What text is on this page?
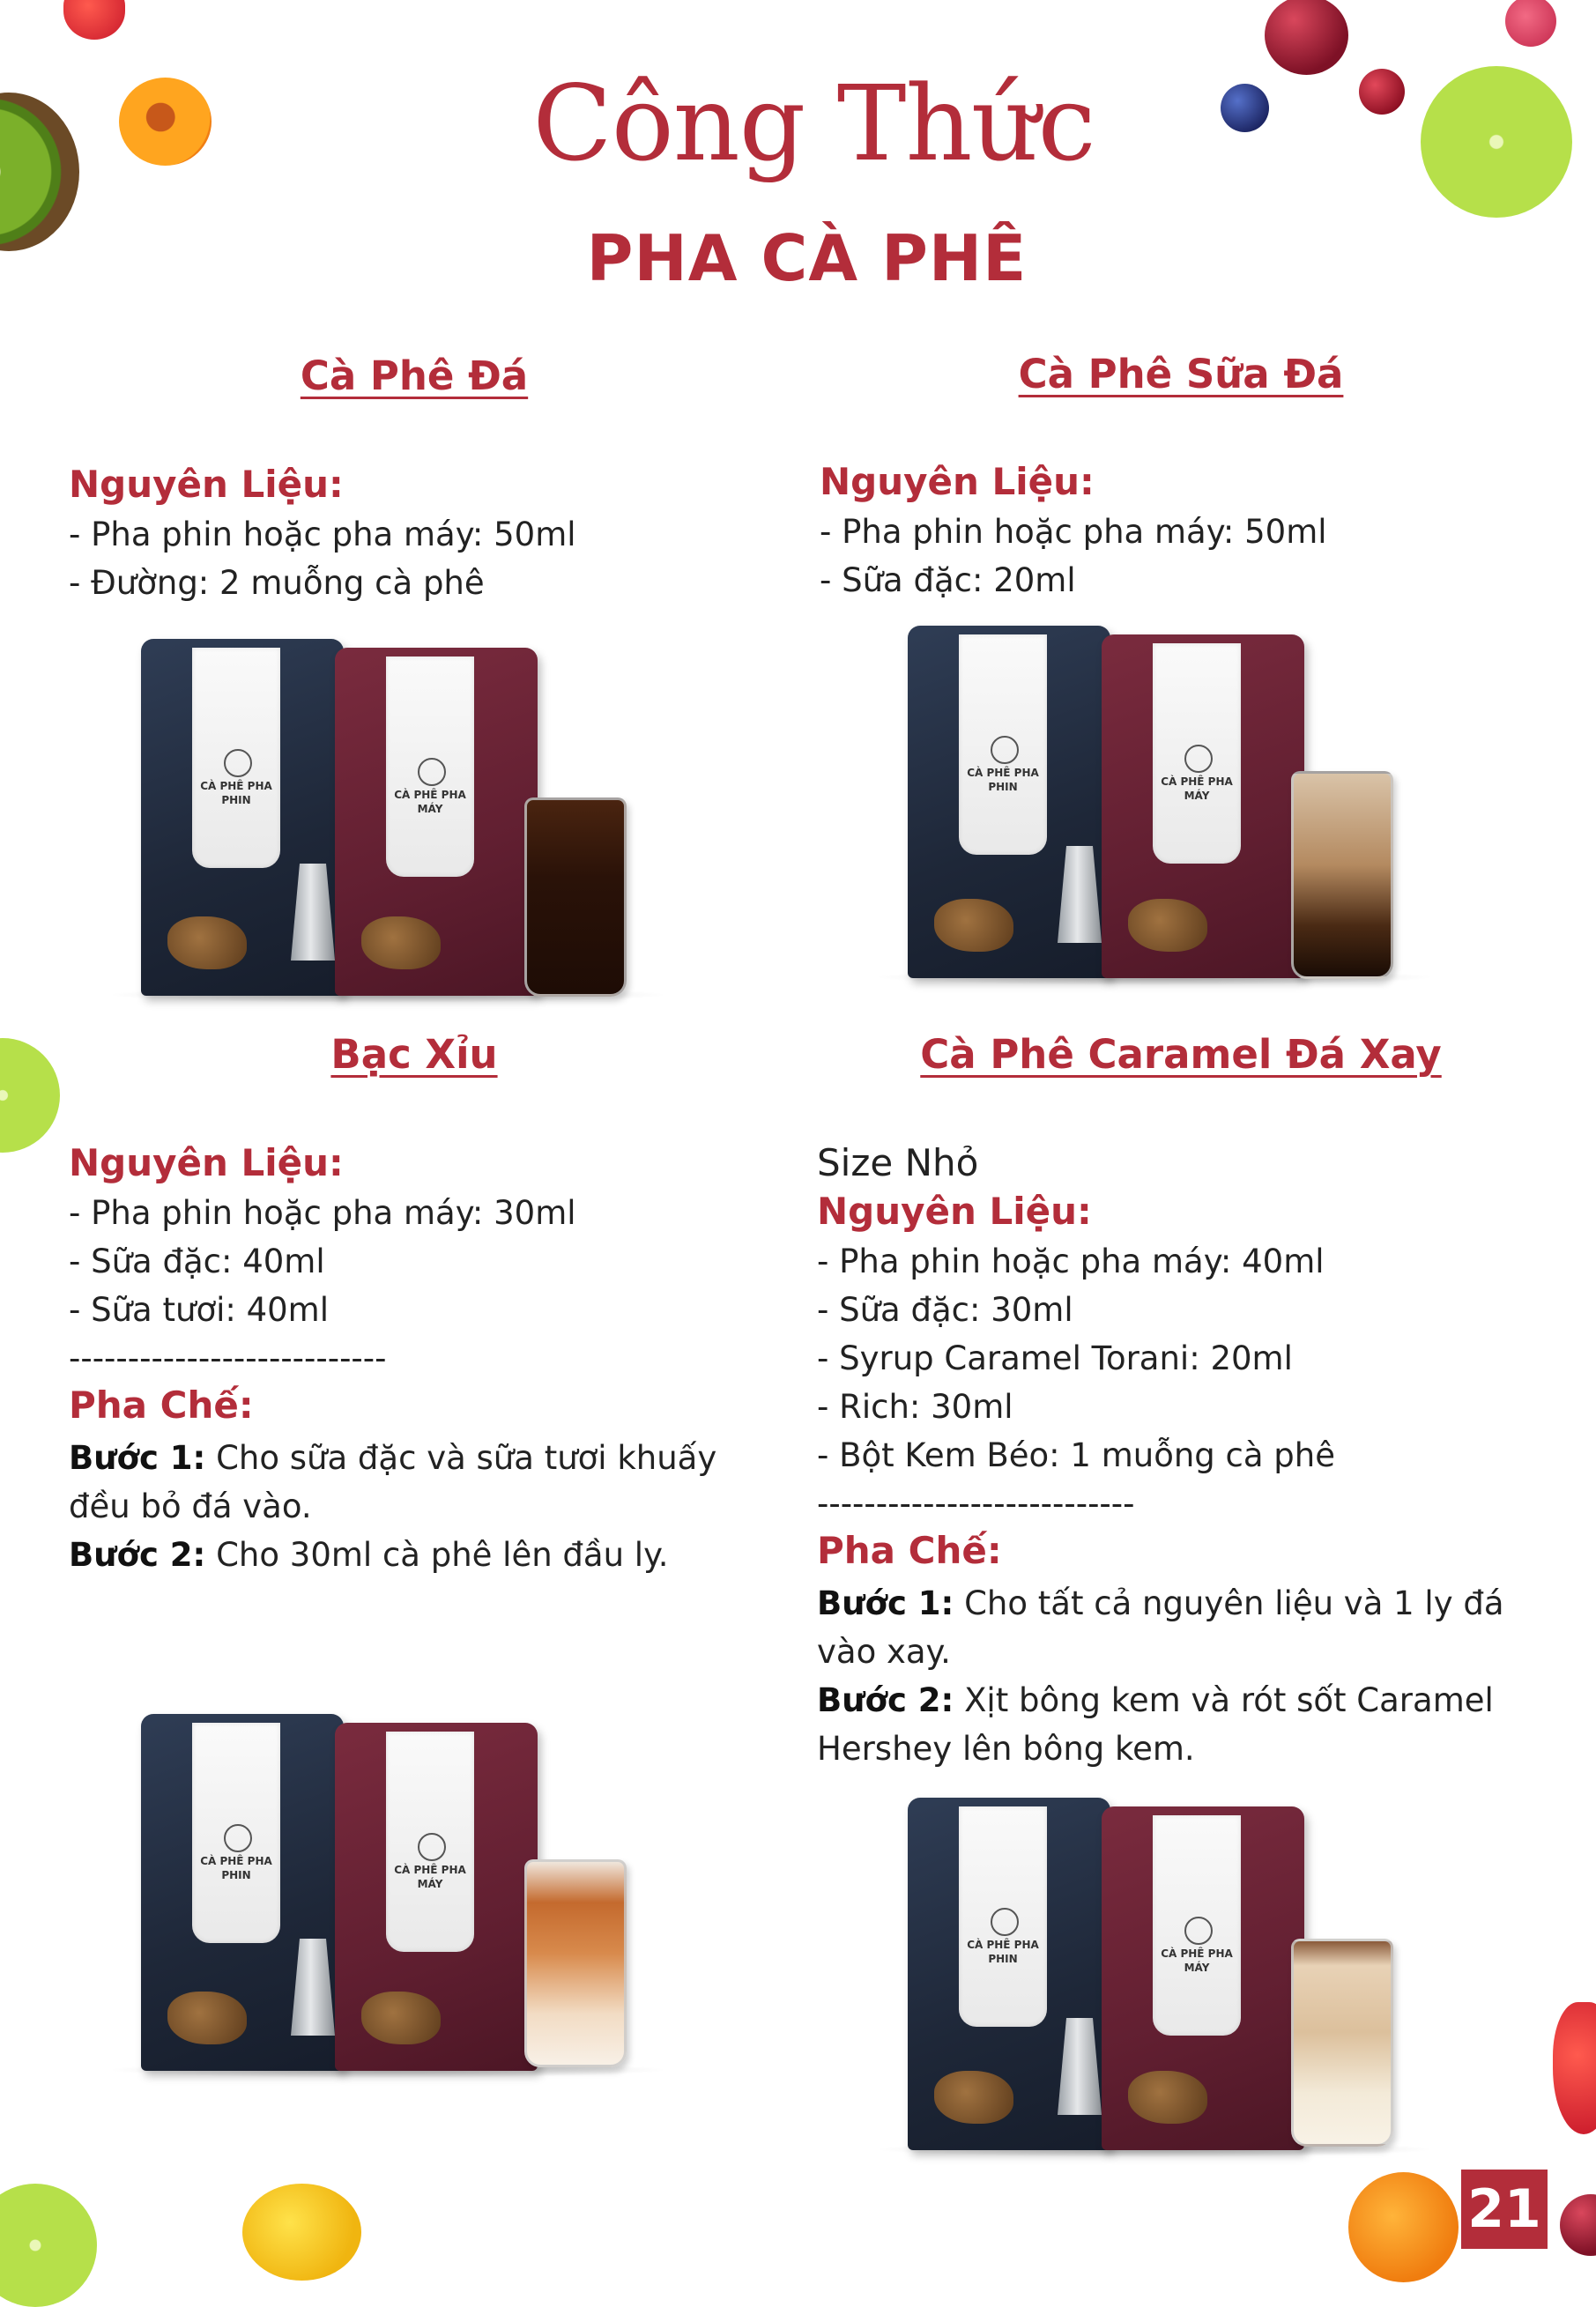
Công Thức
PHA CÀ PHÊ
Cà Phê Đá
Nguyên Liệu:
- Pha phin hoặc pha máy: 50ml
- Đường: 2 muỗng cà phê
Cà Phê Sữa Đá
Nguyên Liệu:
- Pha phin hoặc pha máy: 50ml
- Sữa đặc: 20ml
CÀ PHÊ PHA PHIN	CÀ PHÊ PHA MÁY
CÀ PHÊ PHA PHIN	CÀ PHÊ PHA MÁY
Bạc Xỉu
Nguyên Liệu:
- Pha phin hoặc pha máy: 30ml
- Sữa đặc: 40ml
- Sữa tươi: 40ml
---------------------------
Pha Chế:
Bước 1: Cho sữa đặc và sữa tươi khuấy đều bỏ đá vào.
Bước 2: Cho 30ml cà phê lên đầu ly.
Cà Phê Caramel Đá Xay
Size Nhỏ
Nguyên Liệu:
- Pha phin hoặc pha máy: 40ml
- Sữa đặc: 30ml
- Syrup Caramel Torani: 20ml
- Rich: 30ml
- Bột Kem Béo: 1 muỗng cà phê
---------------------------
Pha Chế:
Bước 1: Cho tất cả nguyên liệu và 1 ly đá vào xay.
Bước 2: Xịt bông kem và rót sốt Caramel Hershey lên bông kem.
CÀ PHÊ PHA PHIN	CÀ PHÊ PHA MÁY
CÀ PHÊ PHA PHIN	CÀ PHÊ PHA MÁY
21
